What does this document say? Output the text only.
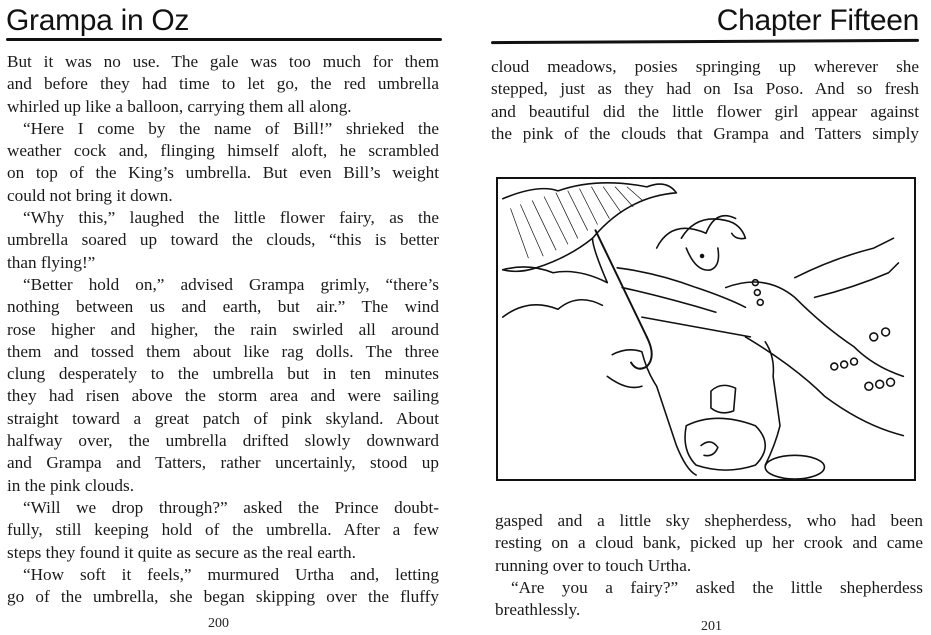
Grampa in Oz
But it was no use. The gale was too much for them
and before they had time to let go, the red umbrella
whirled up like a balloon, carrying them all along.
“Here I come by the name of Bill!” shrieked the
weather cock and, flinging himself aloft, he scrambled
on top of the King’s umbrella. But even Bill’s weight
could not bring it down.
“Why this,” laughed the little flower fairy, as the
umbrella soared up toward the clouds, “this is better
than flying!”
“Better hold on,” advised Grampa grimly, “there’s
nothing between us and earth, but air.” The wind
rose higher and higher, the rain swirled all around
them and tossed them about like rag dolls. The three
clung desperately to the umbrella but in ten minutes
they had risen above the storm area and were sailing
straight toward a great patch of pink skyland. About
halfway over, the umbrella drifted slowly downward
and Grampa and Tatters, rather uncertainly, stood up
in the pink clouds.
“Will we drop through?” asked the Prince doubt-
fully, still keeping hold of the umbrella. After a few
steps they found it quite as secure as the real earth.
“How soft it feels,” murmured Urtha and, letting
go of the umbrella, she began skipping over the fluffy
200
Chapter Fifteen
cloud meadows, posies springing up wherever she
stepped, just as they had on Isa Poso. And so fresh
and beautiful did the little flower girl appear against
the pink of the clouds that Grampa and Tatters simply
gasped and a little sky shepherdess, who had been
resting on a cloud bank, picked up her crook and came
running over to touch Urtha.
“Are you a fairy?” asked the little shepherdess
breathlessly.
201
